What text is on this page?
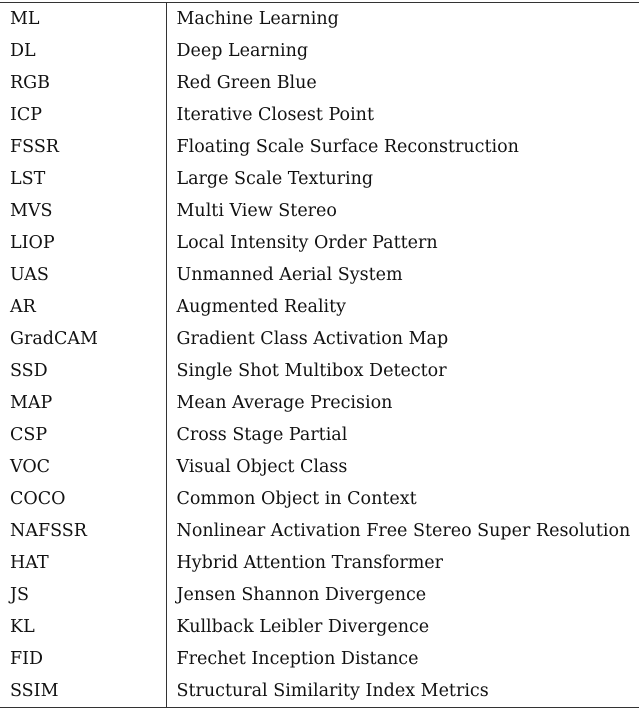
ML	Machine Learning
DL	Deep Learning
RGB	Red Green Blue
ICP	Iterative Closest Point
FSSR	Floating Scale Surface Reconstruction
LST	Large Scale Texturing
MVS	Multi View Stereo
LIOP	Local Intensity Order Pattern
UAS	Unmanned Aerial System
AR	Augmented Reality
GradCAM	Gradient Class Activation Map
SSD	Single Shot Multibox Detector
MAP	Mean Average Precision
CSP	Cross Stage Partial
VOC	Visual Object Class
COCO	Common Object in Context
NAFSSR	Nonlinear Activation Free Stereo Super Resolution
HAT	Hybrid Attention Transformer
JS	Jensen Shannon Divergence
KL	Kullback Leibler Divergence
FID	Frechet Inception Distance
SSIM	Structural Similarity Index Metrics
